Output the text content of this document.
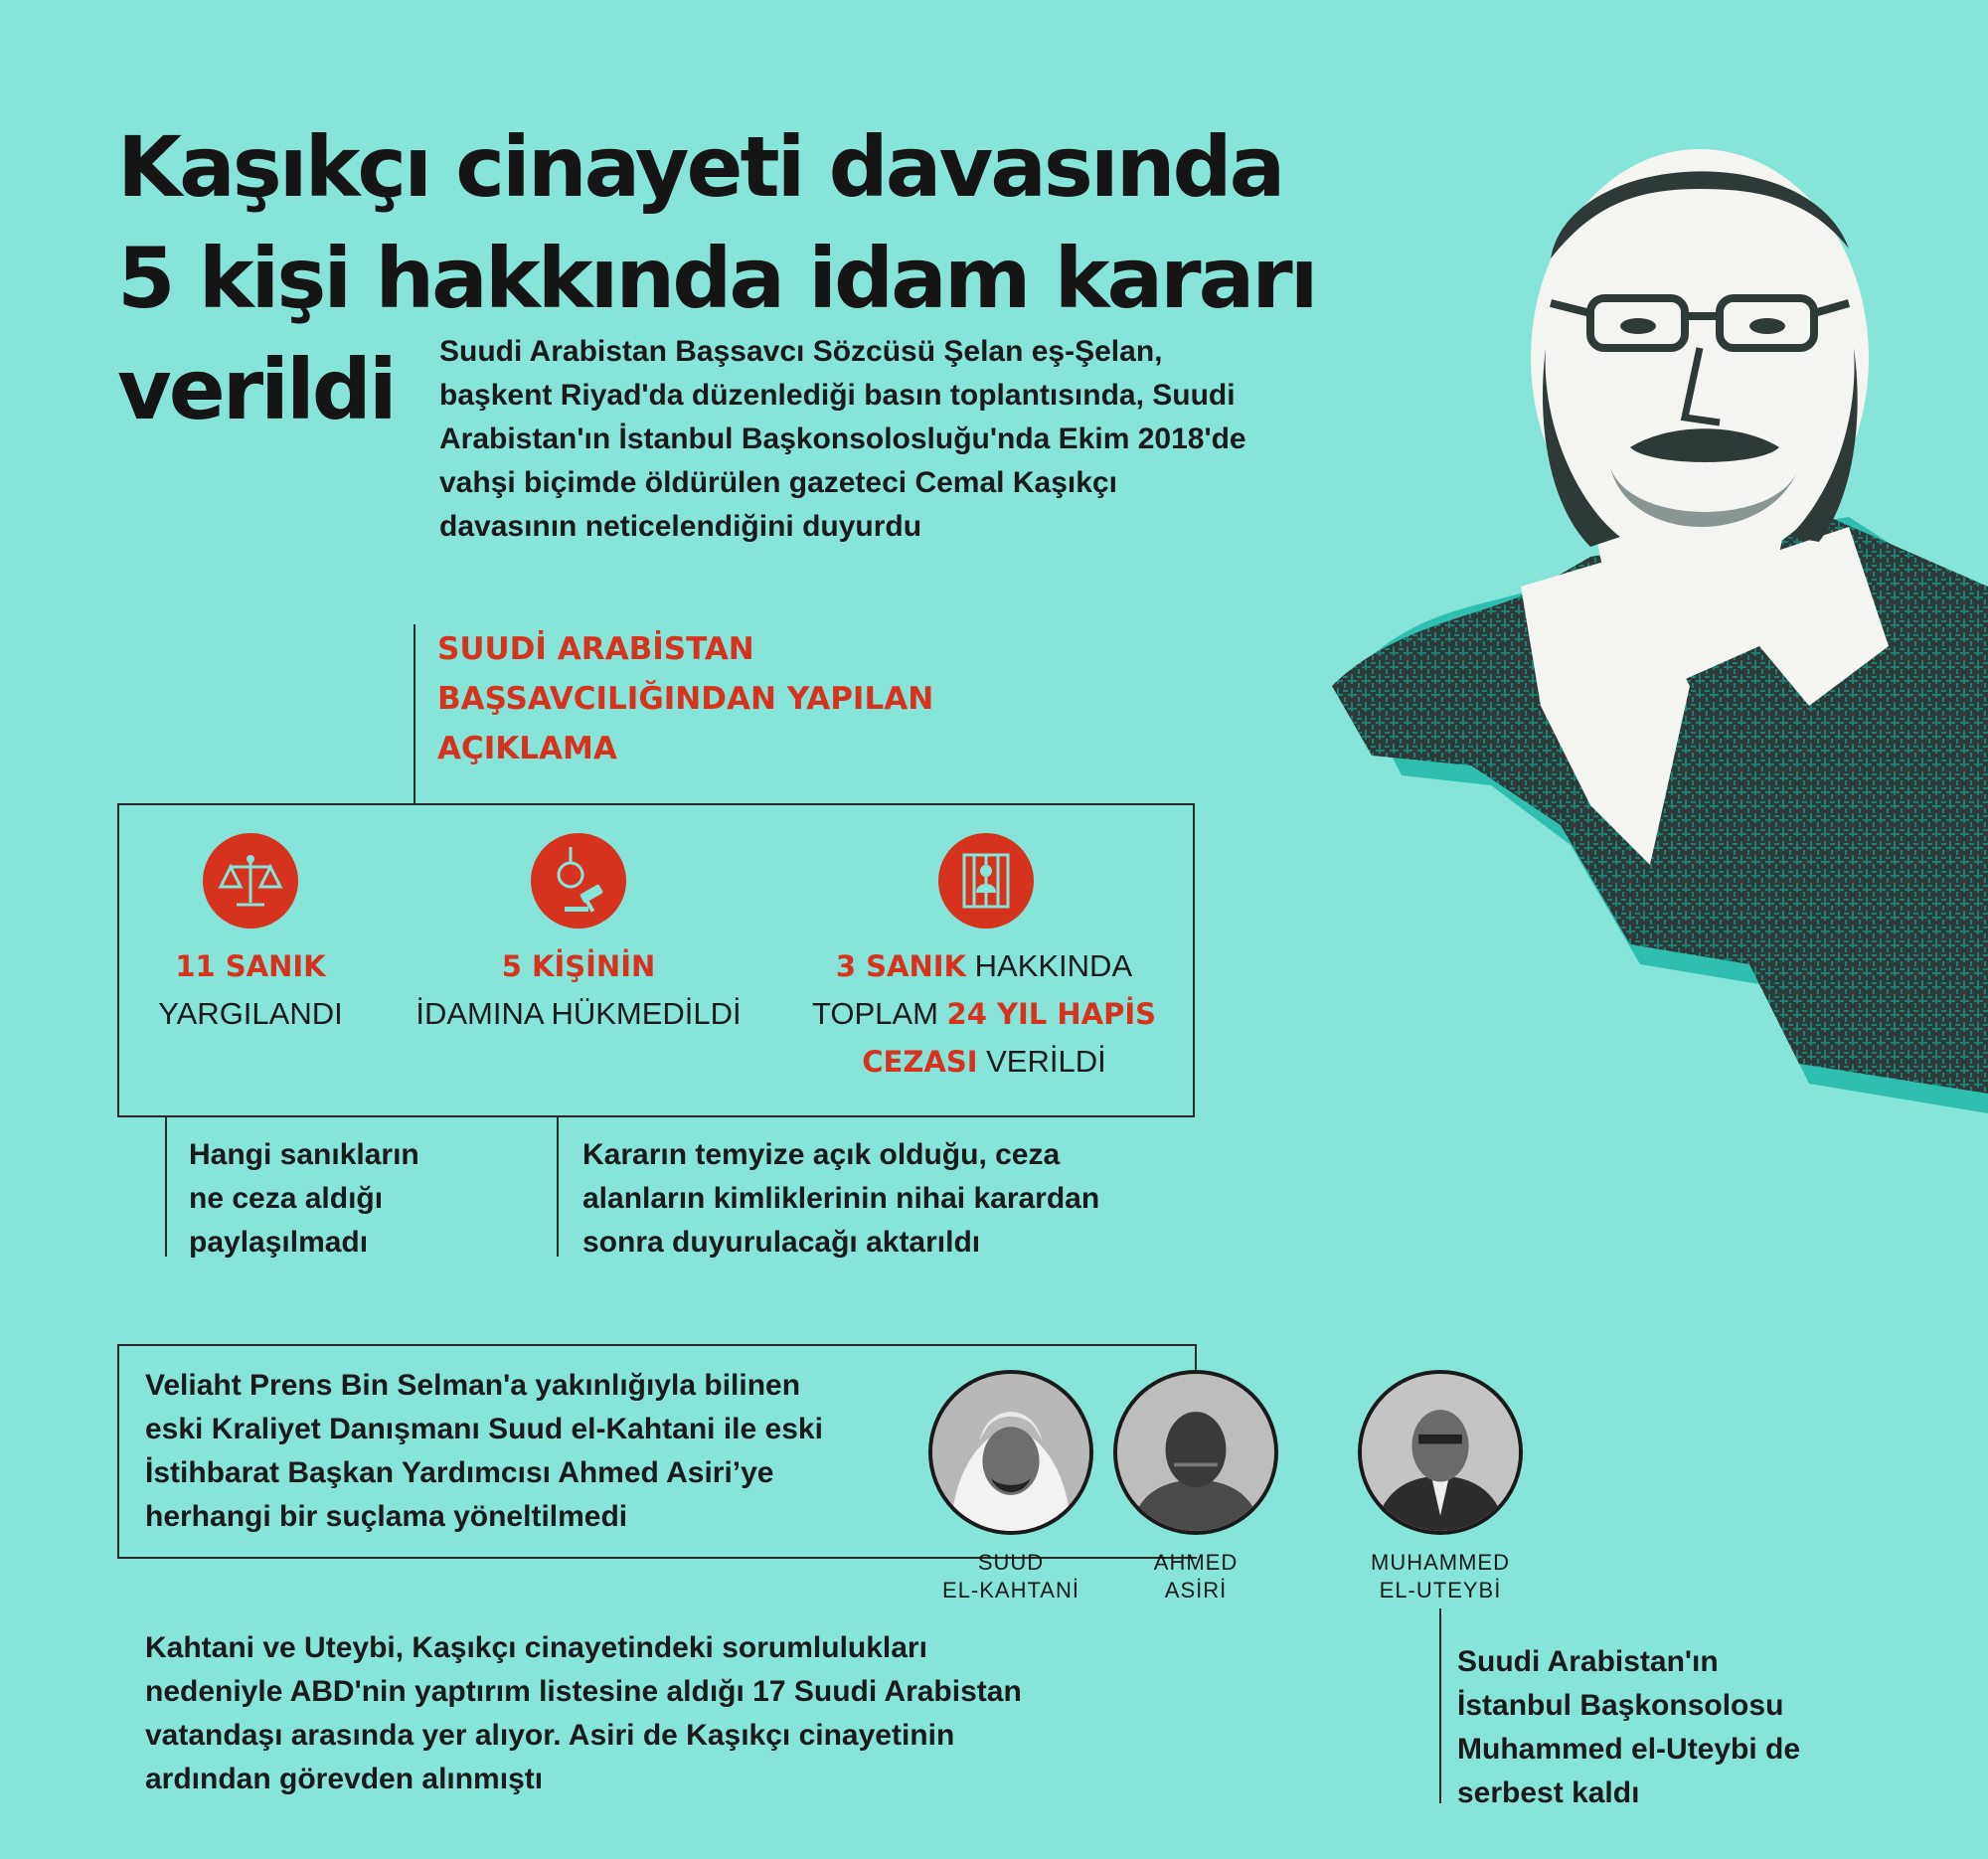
Kaşıkçı cinayeti davasında
5 kişi hakkında idam kararı
verildi	Suudi Arabistan Başsavcı Sözcüsü Şelan eş-Şelan,
başkent Riyad'da düzenlediği basın toplantısında, Suudi
Arabistan'ın İstanbul Başkonsolosluğu'nda Ekim 2018'de
vahşi biçimde öldürülen gazeteci Cemal Kaşıkçı
davasının neticelendiğini duyurdu
SUUDİ ARABİSTAN
BAŞSAVCILIĞINDAN YAPILAN
AÇIKLAMA
11 SANIK
YARGILANDI
5 KİŞİNİN
İDAMINA HÜKMEDİLDİ
3 SANIK HAKKINDA
TOPLAM 24 YIL HAPİS
CEZASI VERİLDİ
Hangi sanıkların
ne ceza aldığı
paylaşılmadı
Kararın temyize açık olduğu, ceza
alanların kimliklerinin nihai karardan
sonra duyurulacağı aktarıldı
Veliaht Prens Bin Selman'a yakınlığıyla bilinen
eski Kraliyet Danışmanı Suud el-Kahtani ile eski
İstihbarat Başkan Yardımcısı Ahmed Asiri’ye
herhangi bir suçlama yöneltilmedi
SUUD
EL-KAHTANİ
AHMED
ASİRİ
MUHAMMED
EL-UTEYBİ
Kahtani ve Uteybi, Kaşıkçı cinayetindeki sorumlulukları
nedeniyle ABD'nin yaptırım listesine aldığı 17 Suudi Arabistan
vatandaşı arasında yer alıyor. Asiri de Kaşıkçı cinayetinin
ardından görevden alınmıştı
Suudi Arabistan'ın
İstanbul Başkonsolosu
Muhammed el-Uteybi de
serbest kaldı
